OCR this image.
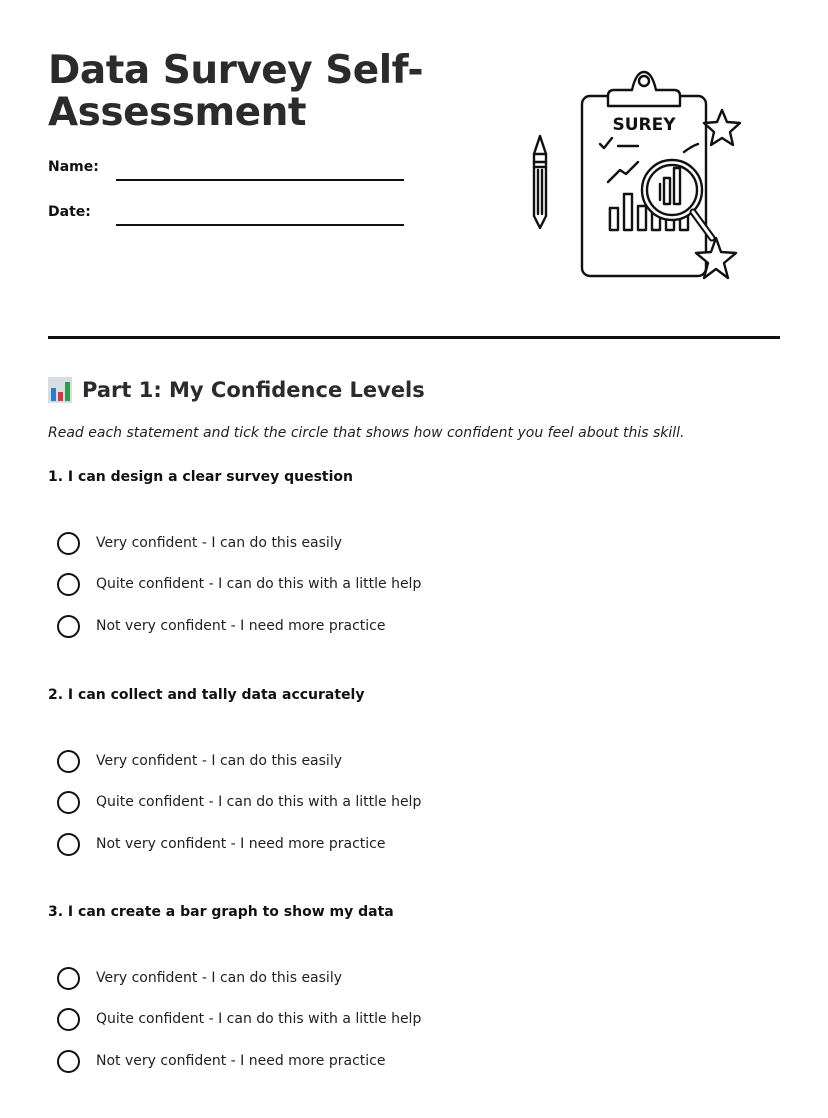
Data Survey Self-
Assessment
Name:
Date:
SUREY
Part 1: My Confidence Levels
Read each statement and tick the circle that shows how confident you feel about this skill.
1. I can design a clear survey question
Very confident - I can do this easily
Quite confident - I can do this with a little help
Not very confident - I need more practice
2. I can collect and tally data accurately
Very confident - I can do this easily
Quite confident - I can do this with a little help
Not very confident - I need more practice
3. I can create a bar graph to show my data
Very confident - I can do this easily
Quite confident - I can do this with a little help
Not very confident - I need more practice
